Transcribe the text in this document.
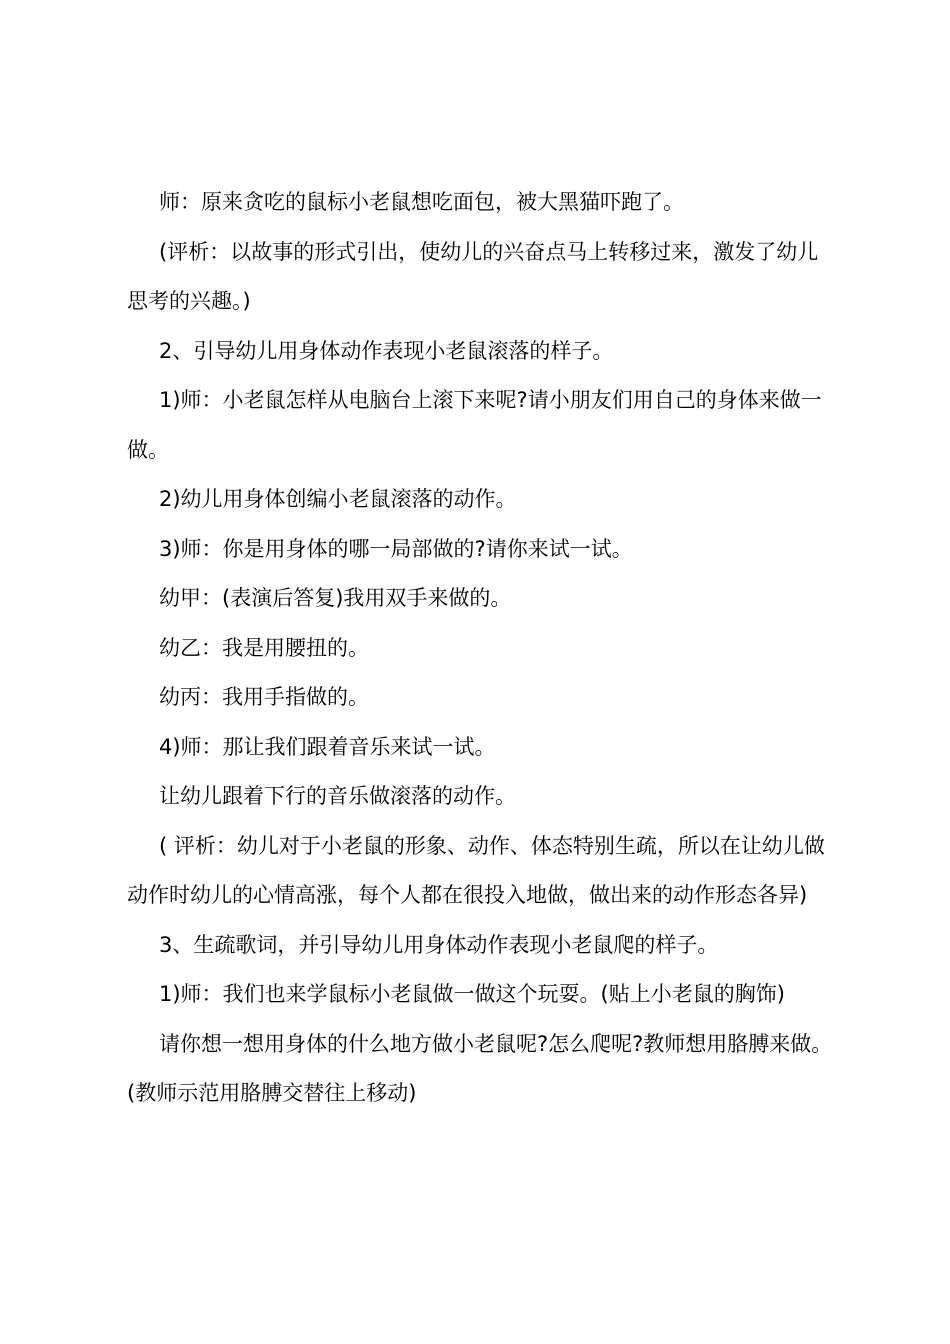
师：原来贪吃的鼠标小老鼠想吃面包，被大黑猫吓跑了。

(评析：以故事的形式引出，使幼儿的兴奋点马上转移过来，激发了幼儿思考的兴趣。)

2、引导幼儿用身体动作表现小老鼠滚落的样子。

1)师：小老鼠怎样从电脑台上滚下来呢?请小朋友们用自己的身体来做一做。

2)幼儿用身体创编小老鼠滚落的动作。

3)师：你是用身体的哪一局部做的?请你来试一试。

幼甲：(表演后答复)我用双手来做的。

幼乙：我是用腰扭的。

幼丙：我用手指做的。

4)师：那让我们跟着音乐来试一试。

让幼儿跟着下行的音乐做滚落的动作。

( 评析：幼儿对于小老鼠的形象、动作、体态特别生疏，所以在让幼儿做动作时幼儿的心情高涨，每个人都在很投入地做，做出来的动作形态各异)

3、生疏歌词，并引导幼儿用身体动作表现小老鼠爬的样子。

1)师：我们也来学鼠标小老鼠做一做这个玩耍。(贴上小老鼠的胸饰)

请你想一想用身体的什么地方做小老鼠呢?怎么爬呢?教师想用胳膊来做。(教师示范用胳膊交替往上移动)
